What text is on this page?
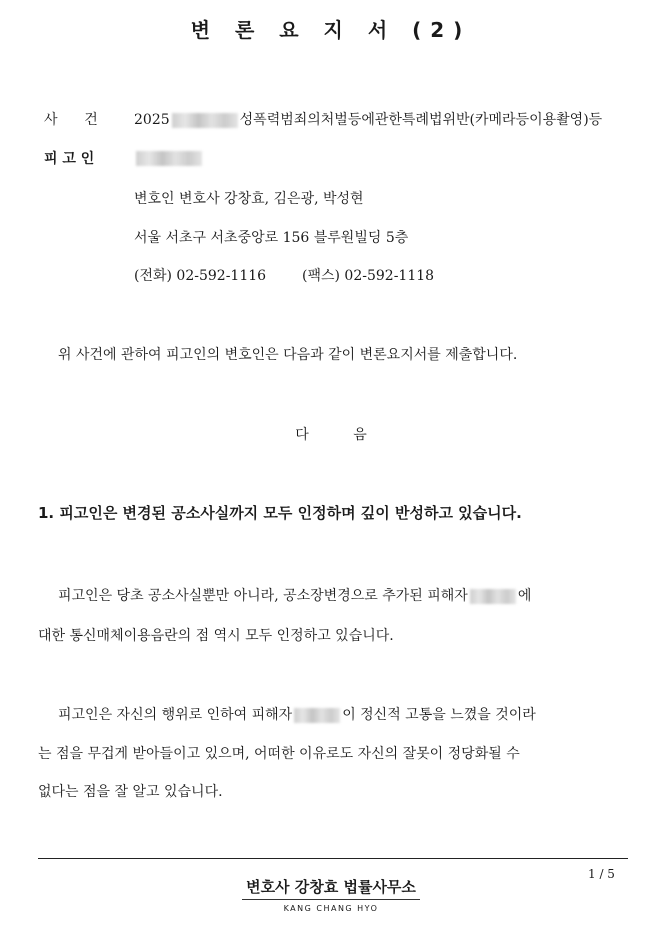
변 론 요 지 서 (2)
사      건	2025	성폭력범죄의처벌등에관한특례법위반(카메라등이용촬영)등
피 고 인
변호인 변호사 강창효, 김은광, 박성현
서울 서초구 서초중앙로 156 블루원빌딩 5층
(전화) 02-592-1116	(팩스) 02-592-1118
위 사건에 관하여 피고인의 변호인은 다음과 같이 변론요지서를 제출합니다.
다          음
1. 피고인은 변경된 공소사실까지 모두 인정하며 깊이 반성하고 있습니다.
피고인은 당초 공소사실뿐만 아니라, 공소장변경으로 추가된 피해자	에
대한 통신매체이용음란의 점 역시 모두 인정하고 있습니다.
피고인은 자신의 행위로 인하여 피해자	이 정신적 고통을 느꼈을 것이라
는 점을 무겁게 받아들이고 있으며, 어떠한 이유로도 자신의 잘못이 정당화될 수
없다는 점을 잘 알고 있습니다.
1 / 5
변호사 강창효 법률사무소
KANG CHANG HYO
